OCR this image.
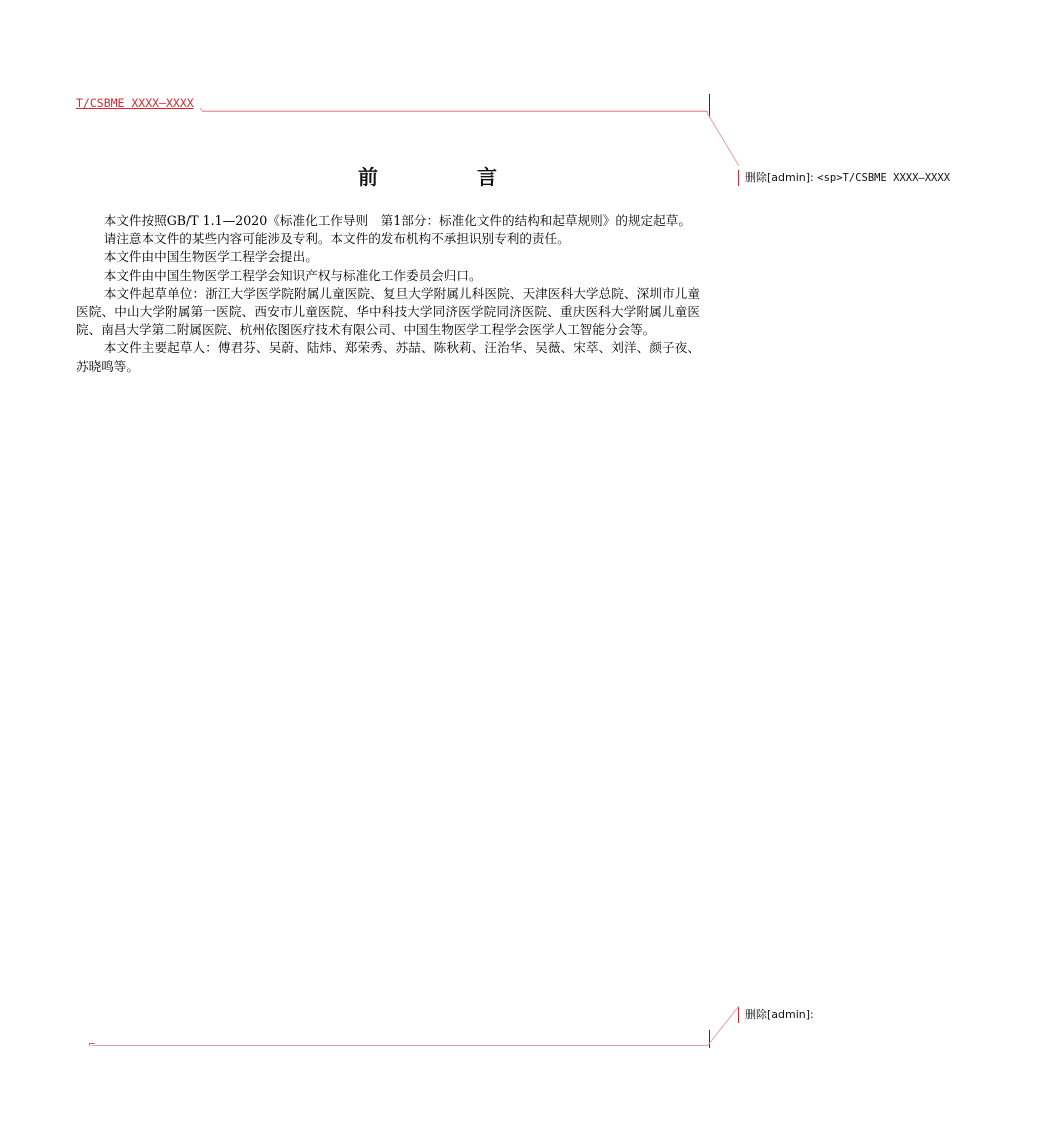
T/CSBME XXXX—XXXX
前 言

本文件按照GB/T 1.1—2020《标准化工作导则　第1部分：标准化文件的结构和起草规则》的规定起草。

请注意本文件的某些内容可能涉及专利。本文件的发布机构不承担识别专利的责任。

本文件由中国生物医学工程学会提出。

本文件由中国生物医学工程学会知识产权与标准化工作委员会归口。

本文件起草单位：浙江大学医学院附属儿童医院、复旦大学附属儿科医院、天津医科大学总院、深圳市儿童医院、中山大学附属第一医院、西安市儿童医院、华中科技大学同济医学院同济医院、重庆医科大学附属儿童医院、南昌大学第二附属医院、杭州依图医疗技术有限公司、中国生物医学工程学会医学人工智能分会等。

本文件主要起草人：傅君芬、吴蔚、陆炜、郑荣秀、苏喆、陈秋莉、汪治华、吴薇、宋萃、刘洋、颜子夜、苏晓鸣等。

删除[admin]: <sp>T/CSBME XXXX—XXXX
删除[admin]:
⌐
